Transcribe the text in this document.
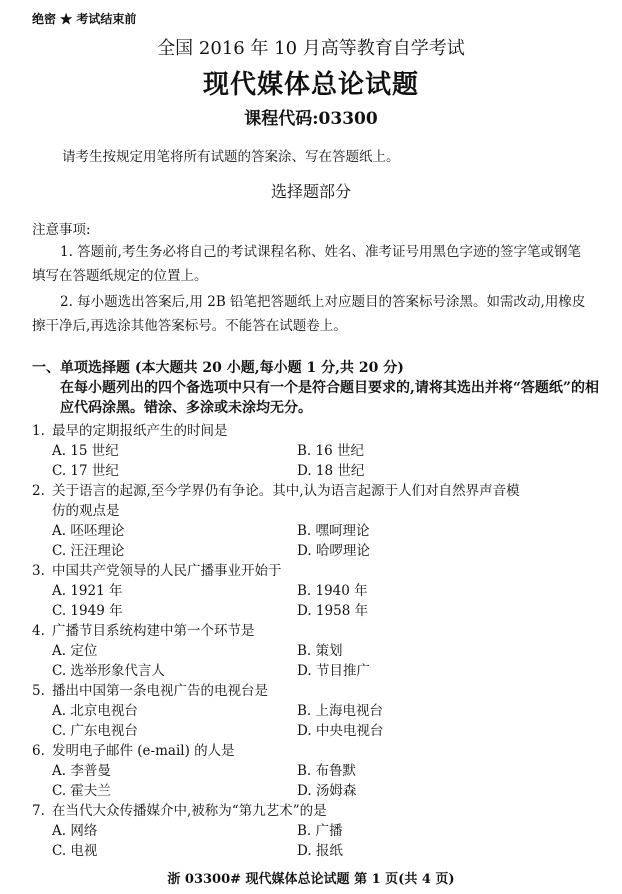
绝密 ★ 考试结束前
全国 2016 年 10 月高等教育自学考试
现代媒体总论试题
课程代码:03300
请考生按规定用笔将所有试题的答案涂、写在答题纸上。
选择题部分
注意事项:
1. 答题前,考生务必将自己的考试课程名称、姓名、准考证号用黑色字迹的签字笔或钢笔填写在答题纸规定的位置上。
2. 每小题选出答案后,用 2B 铅笔把答题纸上对应题目的答案标号涂黑。如需改动,用橡皮擦干净后,再选涂其他答案标号。不能答在试题卷上。
一、单项选择题 (本大题共 20 小题,每小题 1 分,共 20 分)
在每小题列出的四个备选项中只有一个是符合题目要求的,请将其选出并将“答题纸”的相应代码涂黑。错涂、多涂或未涂均无分。
1. 最早的定期报纸产生的时间是
A. 15 世纪	B. 16 世纪
C. 17 世纪	D. 18 世纪
2. 关于语言的起源,至今学界仍有争论。其中,认为语言起源于人们对自然界声音模
仿的观点是
A. 呸呸理论	B. 嘿呵理论
C. 汪汪理论	D. 哈啰理论
3. 中国共产党领导的人民广播事业开始于
A. 1921 年	B. 1940 年
C. 1949 年	D. 1958 年
4. 广播节目系统构建中第一个环节是
A. 定位	B. 策划
C. 选举形象代言人	D. 节目推广
5. 播出中国第一条电视广告的电视台是
A. 北京电视台	B. 上海电视台
C. 广东电视台	D. 中央电视台
6. 发明电子邮件 (e-mail) 的人是
A. 李普曼	B. 布鲁默
C. 霍夫兰	D. 汤姆森
7. 在当代大众传播媒介中,被称为“第九艺术”的是
A. 网络	B. 广播
C. 电视	D. 报纸
浙 03300# 现代媒体总论试题 第 1 页(共 4 页)
